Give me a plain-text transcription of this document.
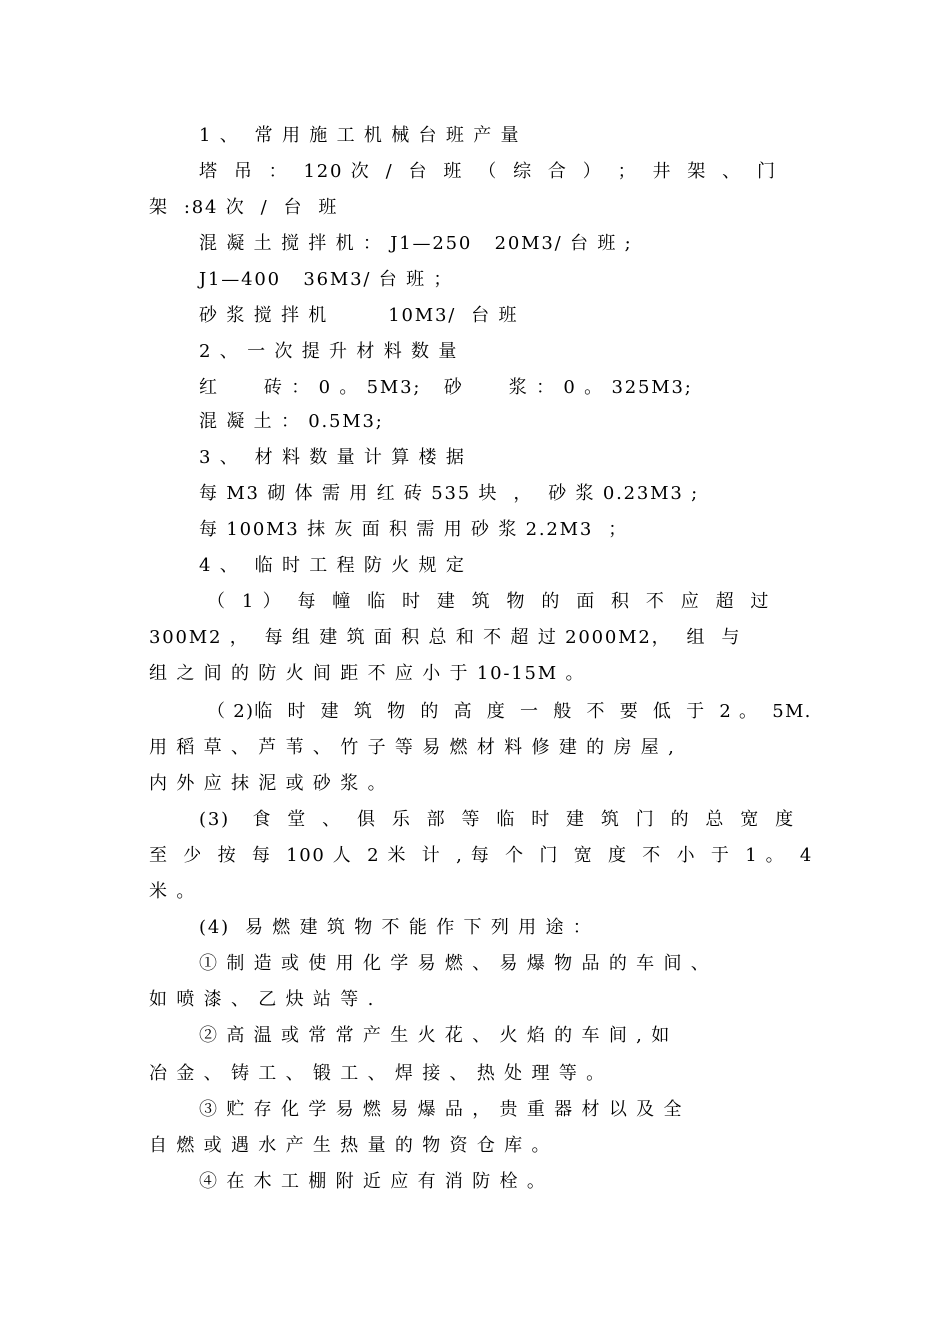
1 、  常 用 施 工 机 械 台 班 产 量
塔  吊  ：  120 次  /  台  班  （  综  合  ）  ；  井  架  、  门
架  :84 次  /  台  班
混 凝 土 搅 拌 机 ： J1—250   20M3/ 台 班 ;
J1—400   36M3/ 台 班 ；
砂 浆 搅 拌 机        10M3/  台 班
2 、 一 次 提 升 材 料 数 量
红      砖 ： 0 。 5M3;   砂      浆 ： 0 。 325M3;
混 凝 土 ： 0.5M3;
3 、  材 料 数 量 计 算 楼 据
每 M3 砌 体 需 用 红 砖 535 块  ，  砂 浆 0.23M3 ;
每 100M3 抹 灰 面 积 需 用 砂 浆 2.2M3  ；
4 、  临 时 工 程 防 火 规 定
（  1 ）  每  幢  临  时  建  筑  物  的  面  积  不  应  超  过
300M2 ，  每 组 建 筑 面 积 总 和 不 超 过 2000M2，  组  与
组 之 间 的 防 火 间 距 不 应 小 于 10-15M 。
（ 2)临  时  建  筑  物  的  高  度  一  般  不  要  低  于  2 。  5M.
用 稻 草 、 芦 苇 、 竹 子 等 易 燃 材 料 修 建 的 房 屋 ,
内 外 应 抹 泥 或 砂 浆 。
(3)   食  堂  、  俱  乐  部  等  临  时  建  筑  门  的  总  宽  度
至  少  按  每  100 人  2 米  计  , 每  个  门  宽  度  不  小  于  1 。  4
米 。
(4)  易 燃 建 筑 物 不 能 作 下 列 用 途 ：
① 制 造 或 使 用 化 学 易 燃 、 易 爆 物 品 的 车 间 、
如 喷 漆 、 乙 炔 站 等 .
② 高 温 或 常 常 产 生 火 花 、 火 焰 的 车 间 , 如
冶 金 、 铸 工 、 锻 工 、 焊 接 、 热 处 理 等 。
③ 贮 存 化 学 易 燃 易 爆 品 ， 贵 重 器 材 以 及 全
自 燃 或 遇 水 产 生 热 量 的 物 资 仓 库 。
④ 在 木 工 棚 附 近 应 有 消 防 栓 。
